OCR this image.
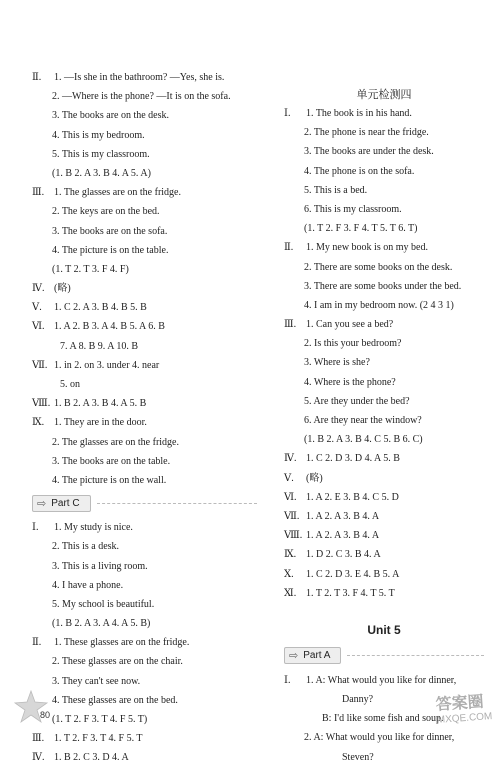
Ⅱ. 1. —Is she in the bathroom? —Yes, she is.
2. —Where is the phone? —It is on the sofa.
3. The books are on the desk.
4. This is my bedroom.
5. This is my classroom.
(1. B 2. A 3. B 4. A 5. A)
Ⅲ. 1. The glasses are on the fridge.
2. The keys are on the bed.
3. The books are on the sofa.
4. The picture is on the table.
(1. T 2. T 3. F 4. F)
Ⅳ. (略)
Ⅴ. 1. C 2. A 3. B 4. B 5. B
Ⅵ. 1. A 2. B 3. A 4. B 5. A 6. B
7. A 8. B 9. A 10. B
Ⅶ. 1. in 2. on 3. under 4. near
5. on
Ⅷ. 1. B 2. A 3. B 4. A 5. B
Ⅸ. 1. They are in the door.
2. The glasses are on the fridge.
3. The books are on the table.
4. The picture is on the wall.
⇨ Part C
Ⅰ. 1. My study is nice.
2. This is a desk.
3. This is a living room.
4. I have a phone.
5. My school is beautiful.
(1. B 2. A 3. A 4. A 5. B)
Ⅱ. 1. These glasses are on the fridge.
2. These glasses are on the chair.
3. They can't see now.
4. These glasses are on the bed.
(1. T 2. F 3. T 4. F 5. T)
Ⅲ. 1. T 2. F 3. T 4. F 5. T
Ⅳ. 1. B 2. C 3. D 4. A
单元检测四
Ⅰ. 1. The book is in his hand.
2. The phone is near the fridge.
3. The books are under the desk.
4. The phone is on the sofa.
5. This is a bed.
6. This is my classroom.
(1. T 2. F 3. F 4. T 5. T 6. T)
Ⅱ. 1. My new book is on my bed.
2. There are some books on the desk.
3. There are some books under the bed.
4. I am in my bedroom now. (2 4 3 1)
Ⅲ. 1. Can you see a bed?
2. Is this your bedroom?
3. Where is she?
4. Where is the phone?
5. Are they under the bed?
6. Are they near the window?
(1. B 2. A 3. B 4. C 5. B 6. C)
Ⅳ. 1. C 2. D 3. D 4. A 5. B
Ⅴ. (略)
Ⅵ. 1. A 2. E 3. B 4. C 5. D
Ⅶ. 1. A 2. A 3. B 4. A
Ⅷ. 1. A 2. A 3. B 4. A
Ⅸ. 1. D 2. C 3. B 4. A
Ⅹ. 1. C 2. D 3. E 4. B 5. A
Ⅺ. 1. T 2. T 3. F 4. T 5. T
Unit 5
⇨ Part A
Ⅰ. 1. A: What would you like for dinner,
Danny?
B: I'd like some fish and soup.
2. A: What would you like for dinner,
Steven?
80
答案圈
MXQE.COM
